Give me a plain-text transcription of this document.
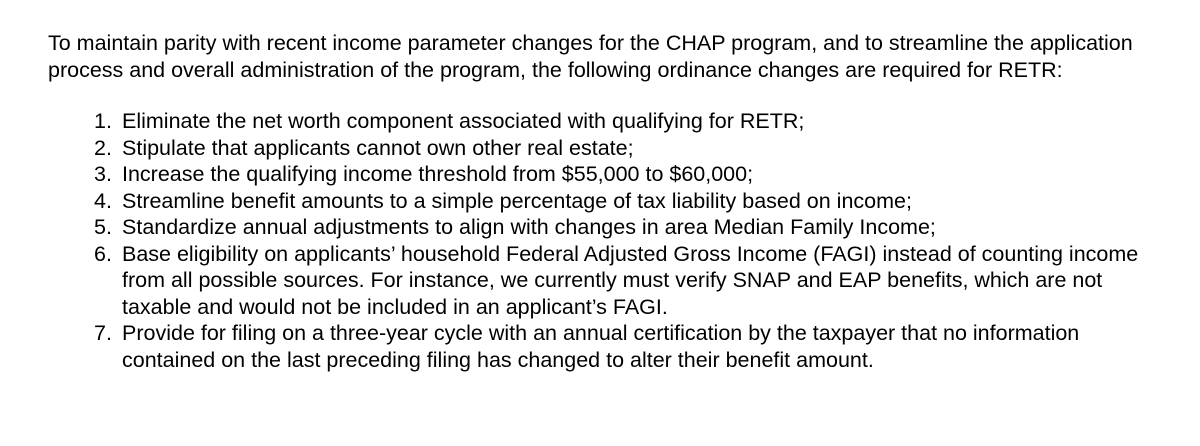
To maintain parity with recent income parameter changes for the CHAP program, and to streamline the application process and overall administration of the program, the following ordinance changes are required for RETR:

1. Eliminate the net worth component associated with qualifying for RETR;
2. Stipulate that applicants cannot own other real estate;
3. Increase the qualifying income threshold from $55,000 to $60,000;
4. Streamline benefit amounts to a simple percentage of tax liability based on income;
5. Standardize annual adjustments to align with changes in area Median Family Income;
6. Base eligibility on applicants’ household Federal Adjusted Gross Income (FAGI) instead of counting income from all possible sources. For instance, we currently must verify SNAP and EAP benefits, which are not taxable and would not be included in an applicant’s FAGI.
7. Provide for filing on a three-year cycle with an annual certification by the taxpayer that no information contained on the last preceding filing has changed to alter their benefit amount.
